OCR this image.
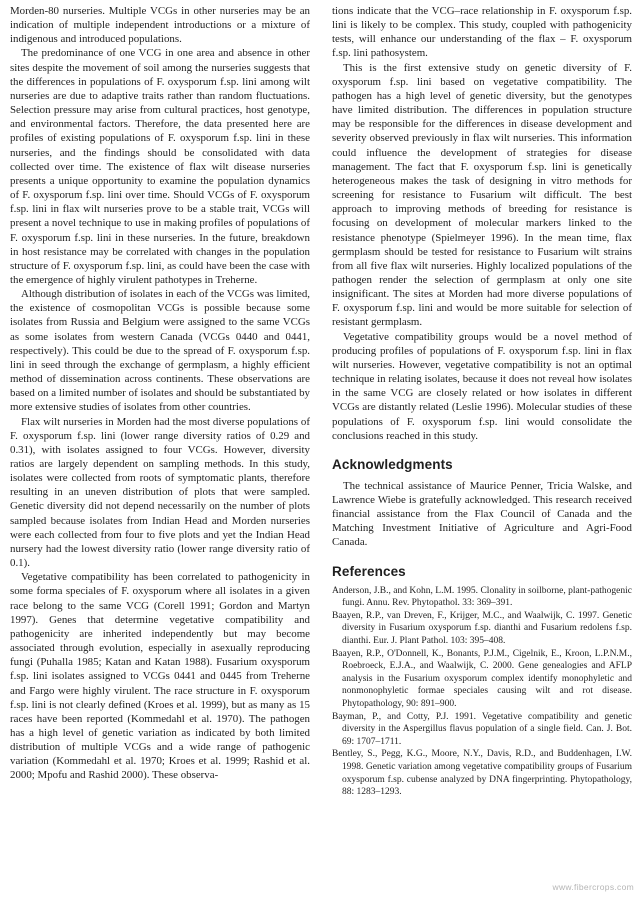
Morden-80 nurseries. Multiple VCGs in other nurseries may be an indication of multiple independent introductions or a mixture of indigenous and introduced populations.

The predominance of one VCG in one area and absence in other sites despite the movement of soil among the nurseries suggests that the differences in populations of F. oxysporum f.sp. lini among wilt nurseries are due to adaptive traits rather than random fluctuations. Selection pressure may arise from cultural practices, host genotype, and environmental factors. Therefore, the data presented here are profiles of existing populations of F. oxysporum f.sp. lini in these nurseries, and the findings should be consolidated with data collected over time. The existence of flax wilt disease nurseries presents a unique opportunity to examine the population dynamics of F. oxysporum f.sp. lini over time. Should VCGs of F. oxysporum f.sp. lini in flax wilt nurseries prove to be a stable trait, VCGs will present a novel technique to use in making profiles of populations of F. oxysporum f.sp. lini in these nurseries. In the future, breakdown in host resistance may be correlated with changes in the population structure of F. oxysporum f.sp. lini, as could have been the case with the emergence of highly virulent pathotypes in Treherne.

Although distribution of isolates in each of the VCGs was limited, the existence of cosmopolitan VCGs is possible because some isolates from Russia and Belgium were assigned to the same VCGs as some isolates from western Canada (VCGs 0440 and 0441, respectively). This could be due to the spread of F. oxysporum f.sp. lini in seed through the exchange of germplasm, a highly efficient method of dissemination across continents. These observations are based on a limited number of isolates and should be substantiated by more extensive studies of isolates from other countries.

Flax wilt nurseries in Morden had the most diverse populations of F. oxysporum f.sp. lini (lower range diversity ratios of 0.29 and 0.31), with isolates assigned to four VCGs. However, diversity ratios are largely dependent on sampling methods. In this study, isolates were collected from roots of symptomatic plants, therefore resulting in an uneven distribution of plots that were sampled. Genetic diversity did not depend necessarily on the number of plots sampled because isolates from Indian Head and Morden nurseries were each collected from four to five plots and yet the Indian Head nursery had the lowest diversity ratio (lower range diversity ratio of 0.1).

Vegetative compatibility has been correlated to pathogenicity in some forma speciales of F. oxysporum where all isolates in a given race belong to the same VCG (Corell 1991; Gordon and Martyn 1997). Genes that determine vegetative compatibility and pathogenicity are inherited independently but may become associated through evolution, especially in asexually reproducing fungi (Puhalla 1985; Katan and Katan 1988). Fusarium oxysporum f.sp. lini isolates assigned to VCGs 0441 and 0445 from Treherne and Fargo were highly virulent. The race structure in F. oxysporum f.sp. lini is not clearly defined (Kroes et al. 1999), but as many as 15 races have been reported (Kommedahl et al. 1970). The pathogen has a high level of genetic variation as indicated by both limited distribution of multiple VCGs and a wide range of pathogenic variation (Kommedahl et al. 1970; Kroes et al. 1999; Rashid et al. 2000; Mpofu and Rashid 2000). These observa-

tions indicate that the VCG–race relationship in F. oxysporum f.sp. lini is likely to be complex. This study, coupled with pathogenicity tests, will enhance our understanding of the flax – F. oxysporum f.sp. lini pathosystem.

This is the first extensive study on genetic diversity of F. oxysporum f.sp. lini based on vegetative compatibility. The pathogen has a high level of genetic diversity, but the genotypes have limited distribution. The differences in population structure may be responsible for the differences in disease development and severity observed previously in flax wilt nurseries. This information could influence the development of strategies for disease management. The fact that F. oxysporum f.sp. lini is genetically heterogeneous makes the task of designing in vitro methods for screening for resistance to Fusarium wilt difficult. The best approach to improving methods of breeding for resistance is focusing on development of molecular markers linked to the resistance phenotype (Spielmeyer 1996). In the mean time, flax germplasm should be tested for resistance to Fusarium wilt strains from all five flax wilt nurseries. Highly localized populations of the pathogen render the selection of germplasm at only one site insignificant. The sites at Morden had more diverse populations of F. oxysporum f.sp. lini and would be more suitable for selection of resistant germplasm.

Vegetative compatibility groups would be a novel method of producing profiles of populations of F. oxysporum f.sp. lini in flax wilt nurseries. However, vegetative compatibility is not an optimal technique in relating isolates, because it does not reveal how isolates in the same VCG are closely related or how isolates in different VCGs are distantly related (Leslie 1996). Molecular studies of these populations of F. oxysporum f.sp. lini would consolidate the conclusions reached in this study.

Acknowledgments

The technical assistance of Maurice Penner, Tricia Walske, and Lawrence Wiebe is gratefully acknowledged. This research received financial assistance from the Flax Council of Canada and the Matching Investment Initiative of Agriculture and Agri-Food Canada.

References

Anderson, J.B., and Kohn, L.M. 1995. Clonality in soilborne, plant-pathogenic fungi. Annu. Rev. Phytopathol. 33: 369–391.

Baayen, R.P., van Dreven, F., Krijger, M.C., and Waalwijk, C. 1997. Genetic diversity in Fusarium oxysporum f.sp. dianthi and Fusarium redolens f.sp. dianthi. Eur. J. Plant Pathol. 103: 395–408.

Baayen, R.P., O'Donnell, K., Bonants, P.J.M., Cigelnik, E., Kroon, L.P.N.M., Roebroeck, E.J.A., and Waalwijk, C. 2000. Gene genealogies and AFLP analysis in the Fusarium oxysporum complex identify monophyletic and nonmonophyletic formae speciales causing wilt and rot disease. Phytopathology, 90: 891–900.

Bayman, P., and Cotty, P.J. 1991. Vegetative compatibility and genetic diversity in the Aspergillus flavus population of a single field. Can. J. Bot. 69: 1707–1711.

Bentley, S., Pegg, K.G., Moore, N.Y., Davis, R.D., and Buddenhagen, I.W. 1998. Genetic variation among vegetative compatibility groups of Fusarium oxysporum f.sp. cubense analyzed by DNA fingerprinting. Phytopathology, 88: 1283–1293.

www.fibercrops.com
